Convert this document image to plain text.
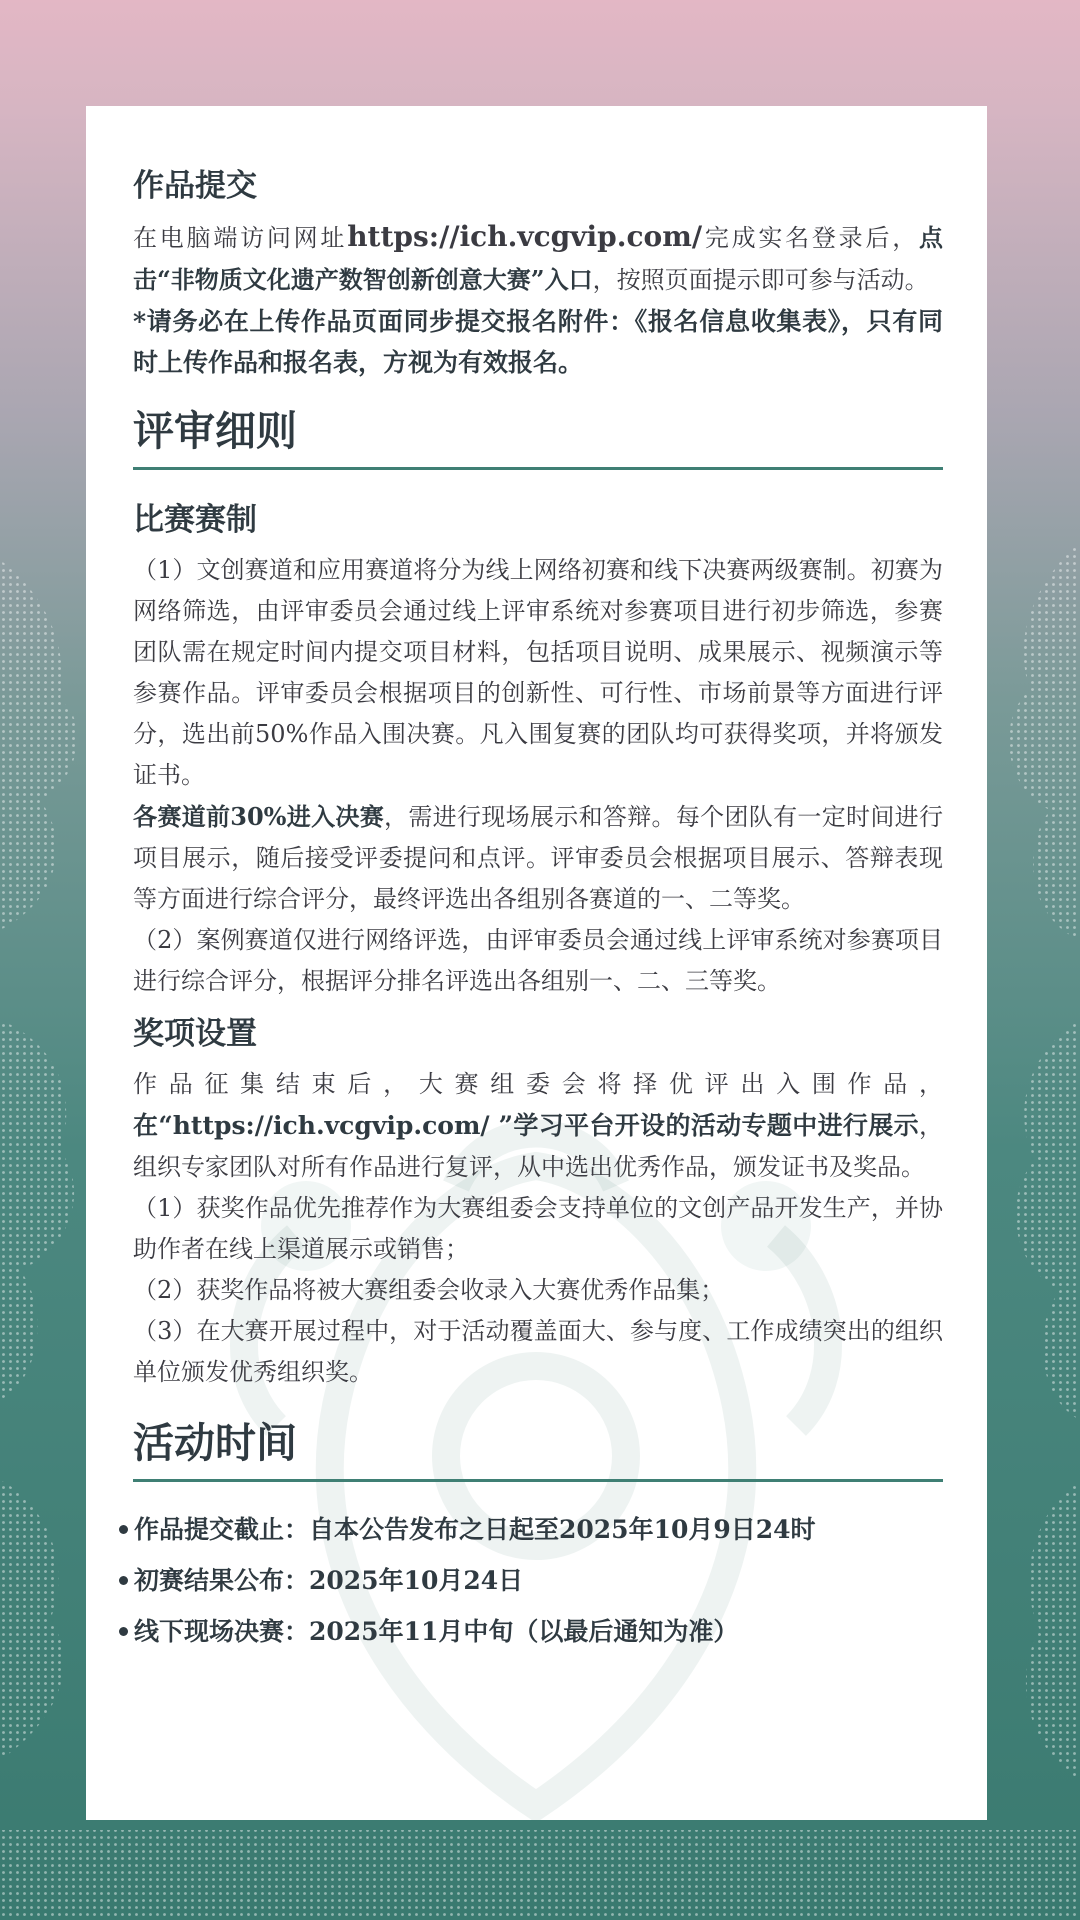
作品提交

在电脑端访问网址https://ich.vcgvip.com/完成实名登录后，点击“非物质文化遗产数智创新创意大赛”入口，按照页面提示即可参与活动。

*请务必在上传作品页面同步提交报名附件：《报名信息收集表》，只有同时上传作品和报名表，方视为有效报名。

评审细则
比赛赛制

（1）文创赛道和应用赛道将分为线上网络初赛和线下决赛两级赛制。初赛为网络筛选，由评审委员会通过线上评审系统对参赛项目进行初步筛选，参赛团队需在规定时间内提交项目材料，包括项目说明、成果展示、视频演示等参赛作品。评审委员会根据项目的创新性、可行性、市场前景等方面进行评分，选出前50%作品入围决赛。凡入围复赛的团队均可获得奖项，并将颁发证书。

各赛道前30%进入决赛，需进行现场展示和答辩。每个团队有一定时间进行项目展示，随后接受评委提问和点评。评审委员会根据项目展示、答辩表现等方面进行综合评分，最终评选出各组别各赛道的一、二等奖。

（2）案例赛道仅进行网络评选，由评审委员会通过线上评审系统对参赛项目进行综合评分，根据评分排名评选出各组别一、二、三等奖。

奖项设置

作品征集结束后，大赛组委会将择优评出入围作品，在“https://ich.vcgvip.com/ ”学习平台开设的活动专题中进行展示，组织专家团队对所有作品进行复评，从中选出优秀作品，颁发证书及奖品。

（1）获奖作品优先推荐作为大赛组委会支持单位的文创产品开发生产，并协助作者在线上渠道展示或销售；

（2）获奖作品将被大赛组委会收录入大赛优秀作品集；

（3）在大赛开展过程中，对于活动覆盖面大、参与度、工作成绩突出的组织单位颁发优秀组织奖。

活动时间
作品提交截止：自本公告发布之日起至2025年10月9日24时
初赛结果公布：2025年10月24日
线下现场决赛：2025年11月中旬（以最后通知为准）
